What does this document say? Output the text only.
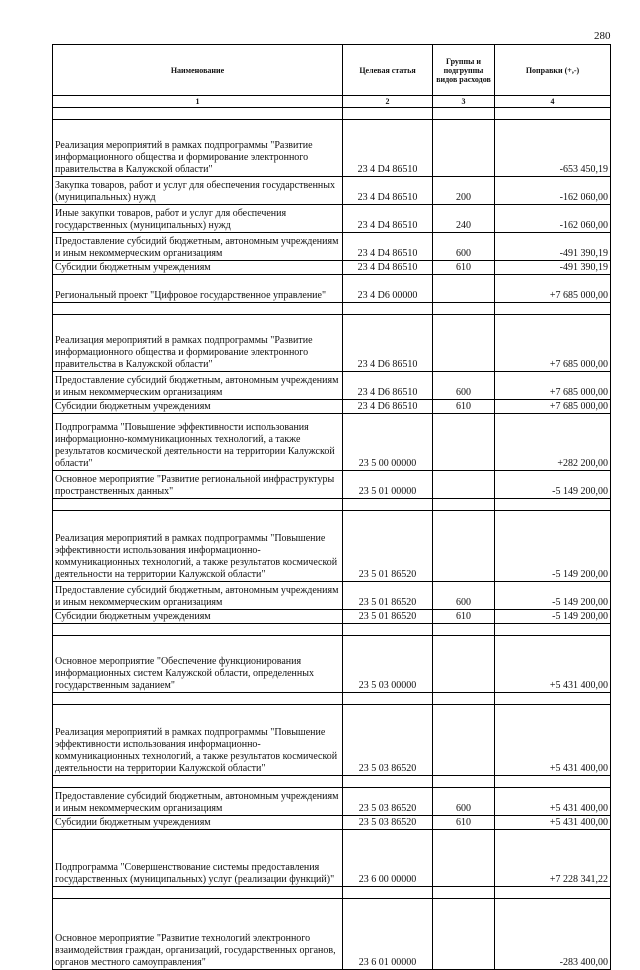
280
Наименование	Целевая статья	Группы и подгруппы видов расходов	Поправки (+,-)
1	2	3	4

Реализация мероприятий в рамках подпрограммы "Развитие информационного общества и формирование электронного правительства в Калужской области"	23 4 D4 86510		-653 450,19
Закупка товаров, работ и услуг для обеспечения государственных (муниципальных) нужд	23 4 D4 86510	200	-162 060,00
Иные закупки товаров, работ и услуг для обеспечения государственных (муниципальных) нужд	23 4 D4 86510	240	-162 060,00
Предоставление субсидий бюджетным, автономным учреждениям и иным некоммерческим организациям	23 4 D4 86510	600	-491 390,19
Субсидии бюджетным учреждениям	23 4 D4 86510	610	-491 390,19
Региональный проект "Цифровое государственное управление"	23 4 D6 00000		+7 685 000,00

Реализация мероприятий в рамках подпрограммы "Развитие информационного общества и формирование электронного правительства в Калужской области"	23 4 D6 86510		+7 685 000,00
Предоставление субсидий бюджетным, автономным учреждениям и иным некоммерческим организациям	23 4 D6 86510	600	+7 685 000,00
Субсидии бюджетным учреждениям	23 4 D6 86510	610	+7 685 000,00
Подпрограмма "Повышение эффективности использования информационно-коммуникационных технологий, а также результатов космической деятельности на территории Калужской области"	23 5 00 00000		+282 200,00
Основное мероприятие "Развитие региональной инфраструктуры пространственных данных"	23 5 01 00000		-5 149 200,00

Реализация мероприятий в рамках подпрограммы "Повышение эффективности использования информационно-коммуникационных технологий, а также результатов космической деятельности на территории Калужской области"	23 5 01 86520		-5 149 200,00
Предоставление субсидий бюджетным, автономным учреждениям и иным некоммерческим организациям	23 5 01 86520	600	-5 149 200,00
Субсидии бюджетным учреждениям	23 5 01 86520	610	-5 149 200,00

Основное мероприятие "Обеспечение функционирования информационных систем Калужской области, определенных государственным заданием"	23 5 03 00000		+5 431 400,00

Реализация мероприятий в рамках подпрограммы "Повышение эффективности использования информационно-коммуникационных технологий, а также результатов космической деятельности на территории Калужской области"	23 5 03 86520		+5 431 400,00

Предоставление субсидий бюджетным, автономным учреждениям и иным некоммерческим организациям	23 5 03 86520	600	+5 431 400,00
Субсидии бюджетным учреждениям	23 5 03 86520	610	+5 431 400,00
Подпрограмма "Совершенствование системы предоставления государственных (муниципальных) услуг (реализации функций)"	23 6 00 00000		+7 228 341,22

Основное мероприятие "Развитие технологий электронного взаимодействия граждан, организаций, государственных органов, органов местного самоуправления"	23 6 01 00000		-283 400,00
